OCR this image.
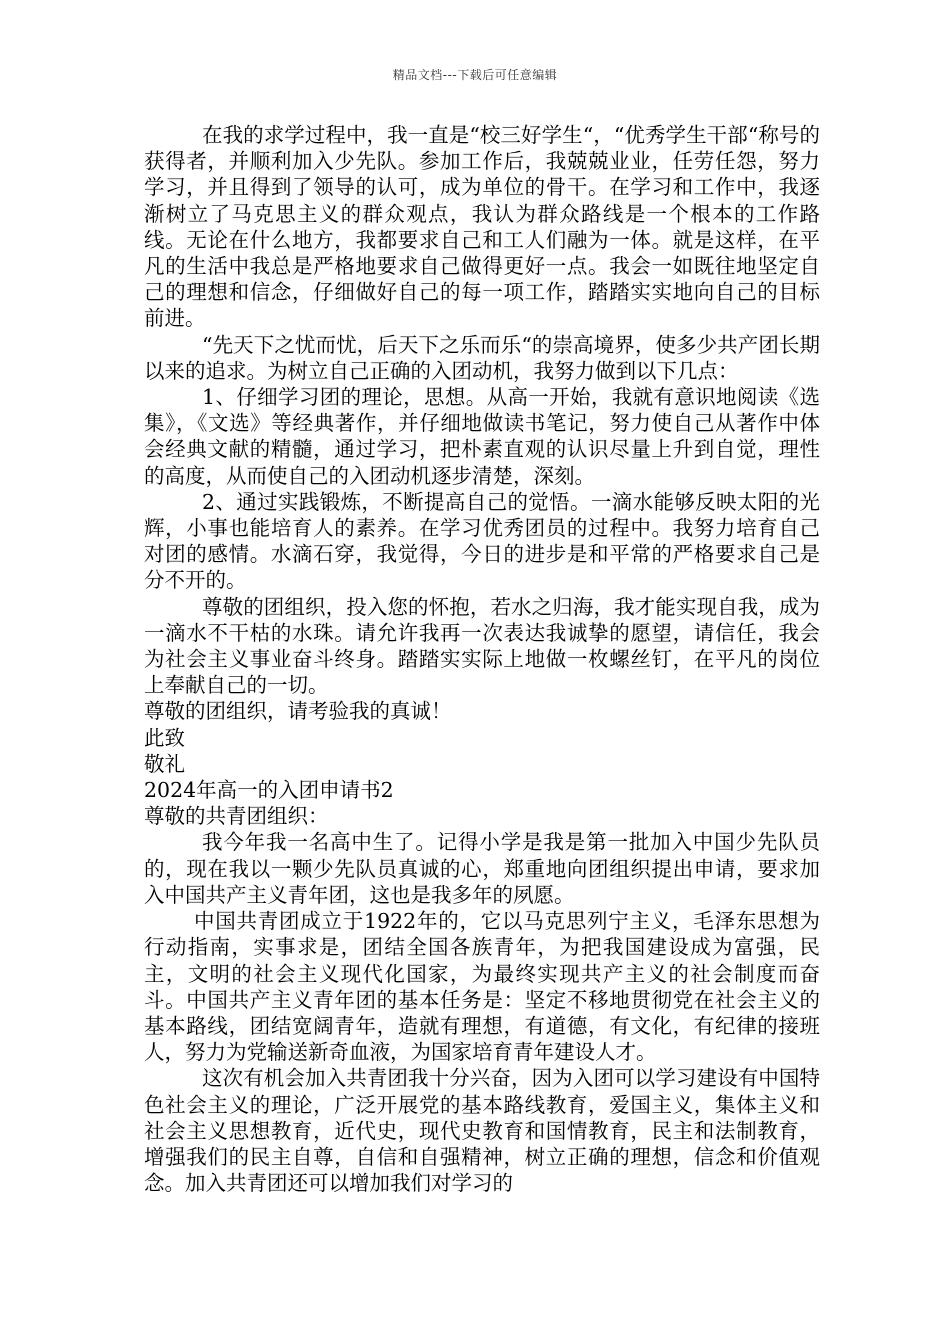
精品文档---下载后可任意编辑

在我的求学过程中，我一直是“校三好学生“，“优秀学生干部“称号的获得者，并顺利加入少先队。参加工作后，我兢兢业业，任劳任怨，努力学习，并且得到了领导的认可，成为单位的骨干。在学习和工作中，我逐渐树立了马克思主义的群众观点，我认为群众路线是一个根本的工作路线。无论在什么地方，我都要求自己和工人们融为一体。就是这样，在平凡的生活中我总是严格地要求自己做得更好一点。我会一如既往地坚定自己的理想和信念，仔细做好自己的每一项工作，踏踏实实地向自己的目标前进。

“先天下之忧而忧，后天下之乐而乐“的崇高境界，使多少共产团长期以来的追求。为树立自己正确的入团动机，我努力做到以下几点：

1、仔细学习团的理论，思想。从高一开始，我就有意识地阅读《选集》，《文选》等经典著作，并仔细地做读书笔记，努力使自己从著作中体会经典文献的精髓，通过学习，把朴素直观的认识尽量上升到自觉，理性的高度，从而使自己的入团动机逐步清楚，深刻。

2、通过实践锻炼，不断提高自己的觉悟。一滴水能够反映太阳的光辉，小事也能培育人的素养。在学习优秀团员的过程中。我努力培育自己对团的感情。水滴石穿，我觉得，今日的进步是和平常的严格要求自己是分不开的。

尊敬的团组织，投入您的怀抱，若水之归海，我才能实现自我，成为一滴水不干枯的水珠。请允许我再一次表达我诚挚的愿望，请信任，我会为社会主义事业奋斗终身。踏踏实实际上地做一枚螺丝钉，在平凡的岗位上奉献自己的一切。

尊敬的团组织，请考验我的真诚！

此致

敬礼

2024年高一的入团申请书2

尊敬的共青团组织：

我今年我一名高中生了。记得小学是我是第一批加入中国少先队员的，现在我以一颗少先队员真诚的心，郑重地向团组织提出申请，要求加入中国共产主义青年团，这也是我多年的夙愿。

中国共青团成立于1922年的，它以马克思列宁主义，毛泽东思想为行动指南，实事求是，团结全国各族青年，为把我国建设成为富强，民主，文明的社会主义现代化国家，为最终实现共产主义的社会制度而奋斗。中国共产主义青年团的基本任务是：坚定不移地贯彻党在社会主义的基本路线，团结宽阔青年，造就有理想，有道德，有文化，有纪律的接班人，努力为党输送新奇血液，为国家培育青年建设人才。

这次有机会加入共青团我十分兴奋，因为入团可以学习建设有中国特色社会主义的理论，广泛开展党的基本路线教育，爱国主义，集体主义和社会主义思想教育，近代史，现代史教育和国情教育，民主和法制教育，增强我们的民主自尊，自信和自强精神，树立正确的理想，信念和价值观念。加入共青团还可以增加我们对学习的
